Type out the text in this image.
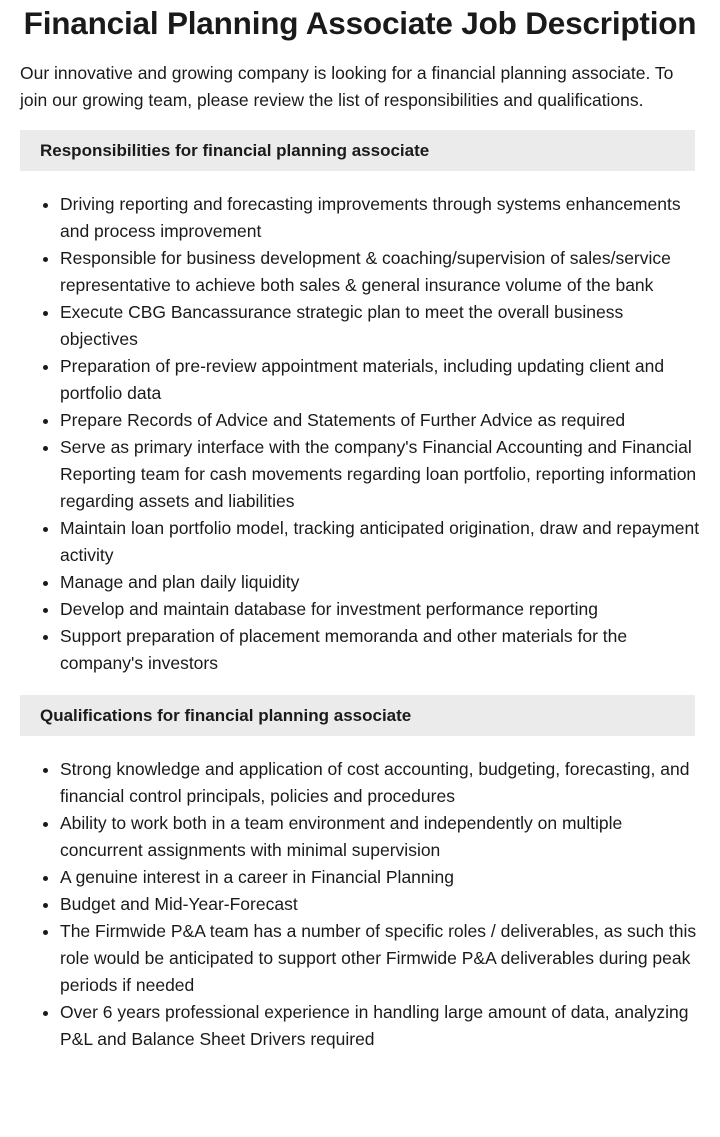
Financial Planning Associate Job Description

Our innovative and growing company is looking for a financial planning associate. To join our growing team, please review the list of responsibilities and qualifications.

Responsibilities for financial planning associate
• Driving reporting and forecasting improvements through systems enhancements and process improvement
• Responsible for business development & coaching/supervision of sales/service representative to achieve both sales & general insurance volume of the bank
• Execute CBG Bancassurance strategic plan to meet the overall business objectives
• Preparation of pre-review appointment materials, including updating client and portfolio data
• Prepare Records of Advice and Statements of Further Advice as required
• Serve as primary interface with the company's Financial Accounting and Financial Reporting team for cash movements regarding loan portfolio, reporting information regarding assets and liabilities
• Maintain loan portfolio model, tracking anticipated origination, draw and repayment activity
• Manage and plan daily liquidity
• Develop and maintain database for investment performance reporting
• Support preparation of placement memoranda and other materials for the company's investors
Qualifications for financial planning associate
• Strong knowledge and application of cost accounting, budgeting, forecasting, and financial control principals, policies and procedures
• Ability to work both in a team environment and independently on multiple concurrent assignments with minimal supervision
• A genuine interest in a career in Financial Planning
• Budget and Mid-Year-Forecast
• The Firmwide P&A team has a number of specific roles / deliverables, as such this role would be anticipated to support other Firmwide P&A deliverables during peak periods if needed
• Over 6 years professional experience in handling large amount of data, analyzing P&L and Balance Sheet Drivers required
